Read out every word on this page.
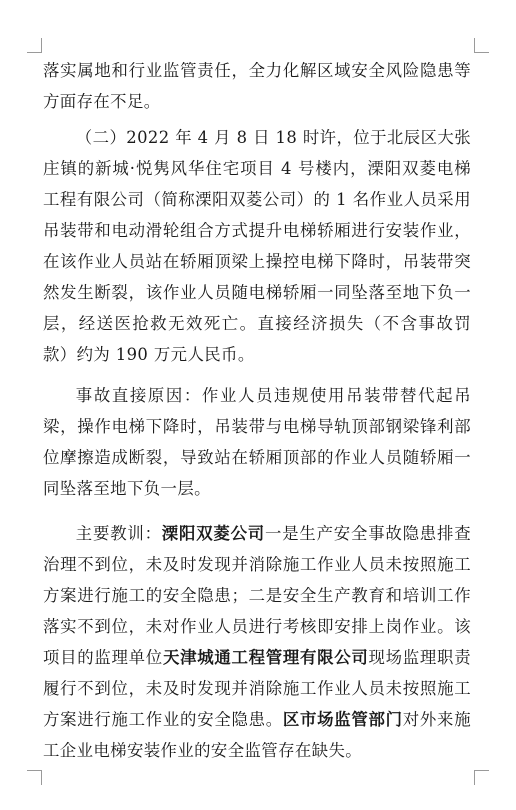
落实属地和行业监管责任，全力化解区域安全风险隐患等方面存在不足。

（二）2022 年 4 月 8 日 18 时许，位于北辰区大张庄镇的新城·悦隽风华住宅项目 4 号楼内，溧阳双菱电梯工程有限公司（简称溧阳双菱公司）的 1 名作业人员采用吊装带和电动滑轮组合方式提升电梯轿厢进行安装作业，在该作业人员站在轿厢顶梁上操控电梯下降时，吊装带突然发生断裂，该作业人员随电梯轿厢一同坠落至地下负一层，经送医抢救无效死亡。直接经济损失（不含事故罚款）约为 190 万元人民币。

事故直接原因：作业人员违规使用吊装带替代起吊梁，操作电梯下降时，吊装带与电梯导轨顶部钢梁锋利部位摩擦造成断裂，导致站在轿厢顶部的作业人员随轿厢一同坠落至地下负一层。

主要教训：溧阳双菱公司一是生产安全事故隐患排查治理不到位，未及时发现并消除施工作业人员未按照施工方案进行施工的安全隐患；二是安全生产教育和培训工作落实不到位，未对作业人员进行考核即安排上岗作业。该项目的监理单位天津城通工程管理有限公司现场监理职责履行不到位，未及时发现并消除施工作业人员未按照施工方案进行施工作业的安全隐患。区市场监管部门对外来施工企业电梯安装作业的安全监管存在缺失。
